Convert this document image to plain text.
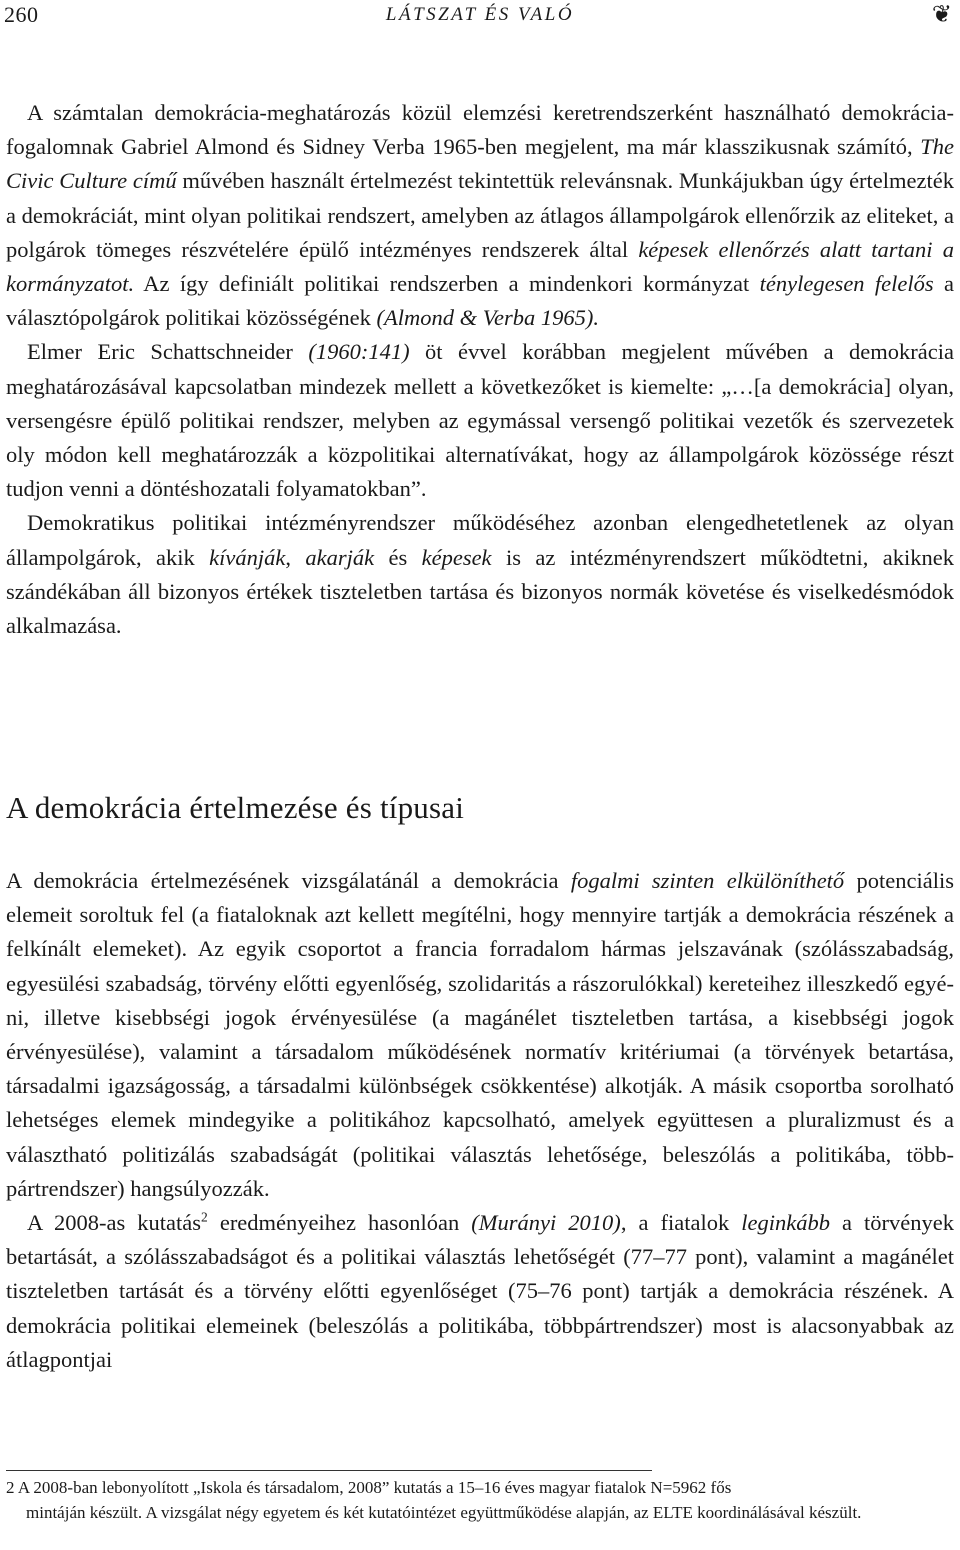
260	LÁTSZAT ÉS VALÓ	❦

A számtalan demokrácia-meghatározás közül elemzési keretrendszerként használható demokrácia-fogalomnak Gabriel Almond és Sidney Verba 1965-ben megjelent, ma már klasszikusnak számító, The Civic Culture című művében használt értelmezést tekintettük relevánsnak. Munkájukban úgy értelmezték a demokráciát, mint olyan politikai rendszert, amelyben az átlagos állampolgárok ellenőrzik az eliteket, a polgárok tömeges részvételére épülő intézményes rendszerek által képesek ellenőrzés alatt tartani a kormányzatot. Az így definiált politikai rendszerben a mindenkori kormányzat ténylegesen felelős a választópolgárok politikai közösségének (Almond & Verba 1965).

Elmer Eric Schattschneider (1960:141) öt évvel korábban megjelent művében a demokrácia meghatározásával kapcsolatban mindezek mellett a következőket is kiemelte: „…[a demokrácia] olyan, versengésre épülő politikai rendszer, melyben az egymással versengő politikai vezetők és szervezetek oly módon kell meghatározzák a közpolitikai alternatívákat, hogy az állampolgárok közössége részt tudjon venni a döntéshozatali folyamatokban”.

Demokratikus politikai intézményrendszer működéséhez azonban elengedhetetlenek az olyan állampolgárok, akik kívánják, akarják és képesek is az intézményrendszert működtetni, akiknek szándékában áll bizonyos értékek tiszteletben tartása és bizonyos normák követése és viselkedésmódok alkalmazása.

A demokrácia értelmezése és típusai

A demokrácia értelmezésének vizsgálatánál a demokrácia fogalmi szinten elkülöníthető potenciális elemeit soroltuk fel (a fiataloknak azt kellett megítélni, hogy mennyire tartják a demokrácia részének a felkínált elemeket). Az egyik csoportot a francia forradalom hármas jelszavának (szólásszabadság, egyesülési szabadság, törvény előtti egyenlőség, szolidaritás a rászorulókkal) kereteihez illeszkedő egyéni, illetve kisebbségi jogok érvényesülése (a magánélet tiszteletben tartása, a kisebbségi jogok érvényesülése), valamint a társadalom működésének normatív kritériumai (a törvények betartása, társadalmi igazságosság, a társadalmi különbségek csökkentése) alkotják. A másik csoportba sorolható lehetséges elemek mindegyike a politikához kapcsolható, amelyek együttesen a pluralizmust és a választható politizálás szabadságát (politikai választás lehetősége, beleszólás a politikába, többpártrendszer) hangsúlyozzák.

A 2008-as kutatás$^2$ eredményeihez hasonlóan (Murányi 2010), a fiatalok leginkább a törvények betartását, a szólásszabadságot és a politikai választás lehetőségét (77–77 pont), valamint a magánélet tiszteletben tartását és a törvény előtti egyenlőséget (75–76 pont) tartják a demokrácia részének. A demokrácia politikai elemeinek (beleszólás a politikába, többpártrendszer) most is alacsonyabbak az átlagpontjai

2 A 2008-ban lebonyolított „Iskola és társadalom, 2008” kutatás a 15–16 éves magyar fiatalok N=5962 fős
mintáján készült. A vizsgálat négy egyetem és két kutatóintézet együttműködése alapján, az ELTE koordinálásával készült.
